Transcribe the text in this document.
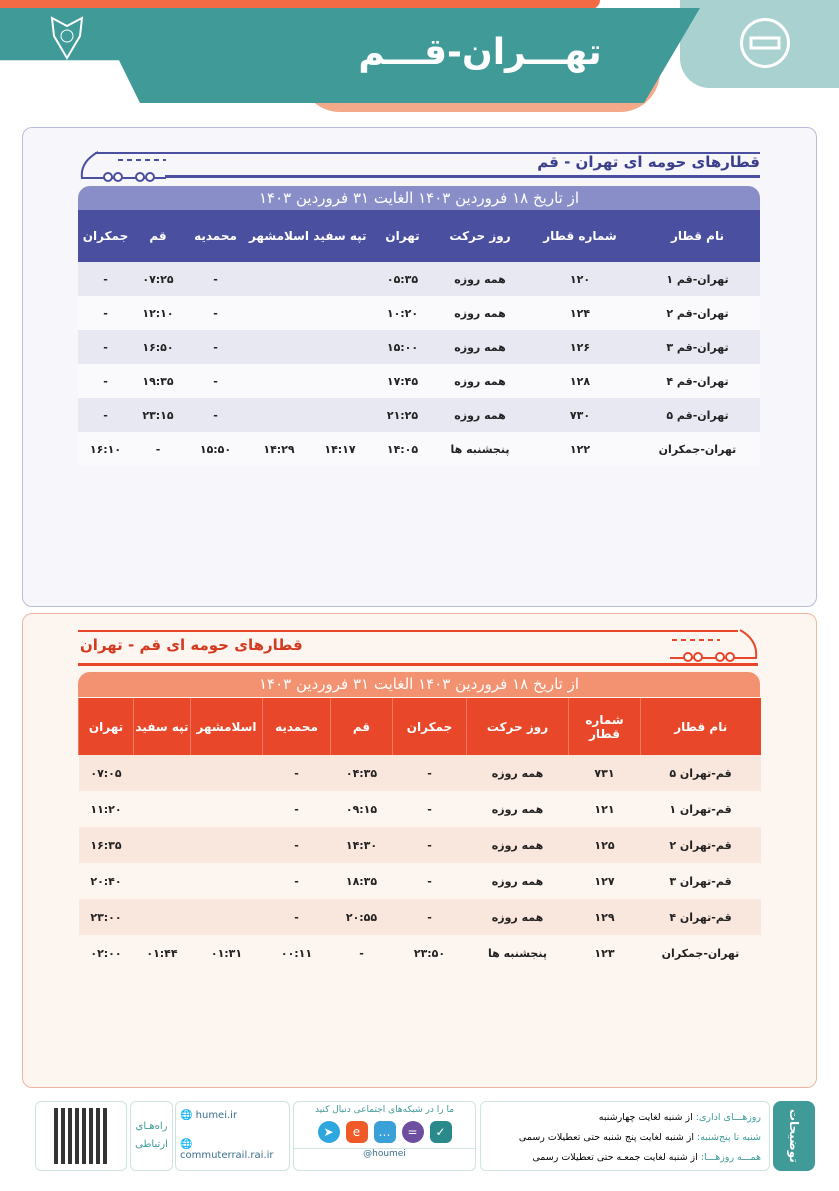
تهـــران-قـــم
قطارهای حومه ای تهران - قم
از تاریخ ۱۸ فروردین ۱۴۰۳ الغایت ۳۱ فروردین ۱۴۰۳
نام قطار	شماره قطار	روز حرکت	تهران	تپه سفید	اسلامشهر	محمدیه	قم	جمکران
تهران-قم ۱	۱۲۰	همه روزه	۰۵:۳۵			-	۰۷:۲۵	-
تهران-قم ۲	۱۲۴	همه روزه	۱۰:۲۰			-	۱۲:۱۰	-
تهران-قم ۳	۱۲۶	همه روزه	۱۵:۰۰			-	۱۶:۵۰	-
تهران-قم ۴	۱۲۸	همه روزه	۱۷:۴۵			-	۱۹:۳۵	-
تهران-قم ۵	۷۳۰	همه روزه	۲۱:۲۵			-	۲۳:۱۵	-
تهران-جمکران	۱۲۲	پنجشنبه ها	۱۴:۰۵	۱۴:۱۷	۱۴:۲۹	۱۵:۵۰	-	۱۶:۱۰
قطارهای حومه ای قم - تهران
از تاریخ ۱۸ فروردین ۱۴۰۳ الغایت ۳۱ فروردین ۱۴۰۳
نام قطار	شماره قطار	روز حرکت	جمکران	قم	محمدیه	اسلامشهر	تپه سفید	تهران
قم-تهران ۵	۷۳۱	همه روزه	-	۰۴:۳۵	-			۰۷:۰۵
قم-تهران ۱	۱۲۱	همه روزه	-	۰۹:۱۵	-			۱۱:۲۰
قم-تهران ۲	۱۲۵	همه روزه	-	۱۴:۳۰	-			۱۶:۳۵
قم-تهران ۳	۱۲۷	همه روزه	-	۱۸:۳۵	-			۲۰:۴۰
قم-تهران ۴	۱۲۹	همه روزه	-	۲۰:۵۵	-			۲۳:۰۰
تهران-جمکران	۱۲۳	پنجشنبه ها	۲۳:۵۰	-	۰۰:۱۱	۰۱:۳۱	۰۱:۴۴	۰۲:۰۰
توضیحات
روزهـــای اداری: از شنبه لغایت چهارشنبه
شنبه تا پنج‌شنبه: از شنبه لغایت پنج شنبه حتی تعطیلات رسمی
همـــه روزهـــا: از شنبه لغایت جمعـه حتی تعطیلات رسمی
ما را در شبکه‌های اجتماعی دنبال کنید
✓=…e➤
@houmei
🌐 humei.ir
🌐 commuterrail.rai.ir
راه‌هـای ارتباطی
